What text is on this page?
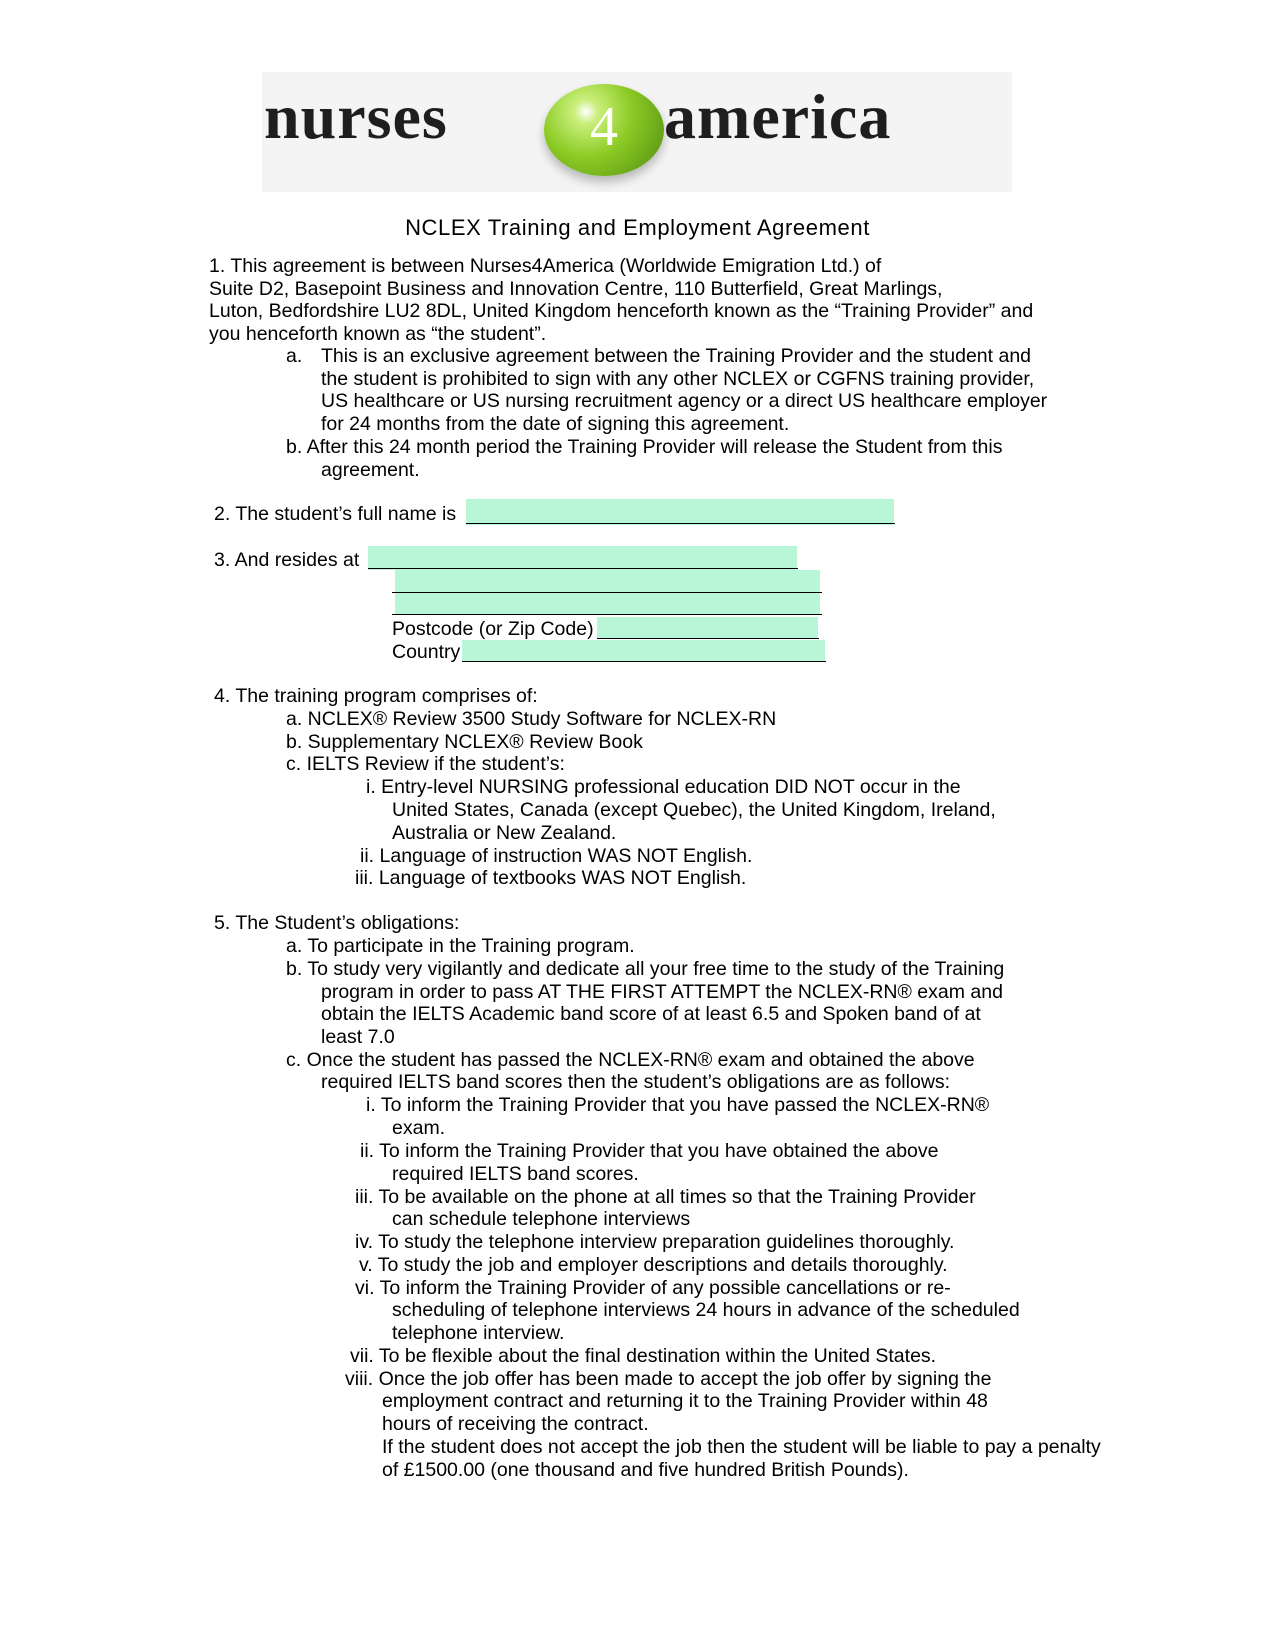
nurses	4 america
NCLEX Training and Employment Agreement
1. This agreement is between Nurses4America (Worldwide Emigration Ltd.) of
Suite D2, Basepoint Business and Innovation Centre, 110 Butterfield, Great Marlings,
Luton, Bedfordshire LU2 8DL, United Kingdom henceforth known as the “Training Provider” and
you henceforth known as “the student”.
a. This is an exclusive agreement between the Training Provider and the student and
the student is prohibited to sign with any other NCLEX or CGFNS training provider,
US healthcare or US nursing recruitment agency or a direct US healthcare employer
for 24 months from the date of signing this agreement.
b. After this 24 month period the Training Provider will release the Student from this
agreement.
2. The student’s full name is
3. And resides at
Postcode (or Zip Code)
Country
4. The training program comprises of:
a. NCLEX® Review 3500 Study Software for NCLEX-RN
b. Supplementary NCLEX® Review Book
c. IELTS Review if the student’s:
i. Entry-level NURSING professional education DID NOT occur in the
United States, Canada (except Quebec), the United Kingdom, Ireland,
Australia or New Zealand.
ii. Language of instruction WAS NOT English.
iii. Language of textbooks WAS NOT English.
5. The Student’s obligations:
a. To participate in the Training program.
b. To study very vigilantly and dedicate all your free time to the study of the Training
program in order to pass AT THE FIRST ATTEMPT the NCLEX-RN® exam and
obtain the IELTS Academic band score of at least 6.5 and Spoken band of at
least 7.0
c. Once the student has passed the NCLEX-RN® exam and obtained the above
required IELTS band scores then the student’s obligations are as follows:
i. To inform the Training Provider that you have passed the NCLEX-RN®
exam.
ii. To inform the Training Provider that you have obtained the above
required IELTS band scores.
iii. To be available on the phone at all times so that the Training Provider
can schedule telephone interviews
iv. To study the telephone interview preparation guidelines thoroughly.
v. To study the job and employer descriptions and details thoroughly.
vi. To inform the Training Provider of any possible cancellations or re-
scheduling of telephone interviews 24 hours in advance of the scheduled
telephone interview.
vii. To be flexible about the final destination within the United States.
viii. Once the job offer has been made to accept the job offer by signing the
employment contract and returning it to the Training Provider within 48
hours of receiving the contract.
If the student does not accept the job then the student will be liable to pay a penalty
of £1500.00 (one thousand and five hundred British Pounds).
